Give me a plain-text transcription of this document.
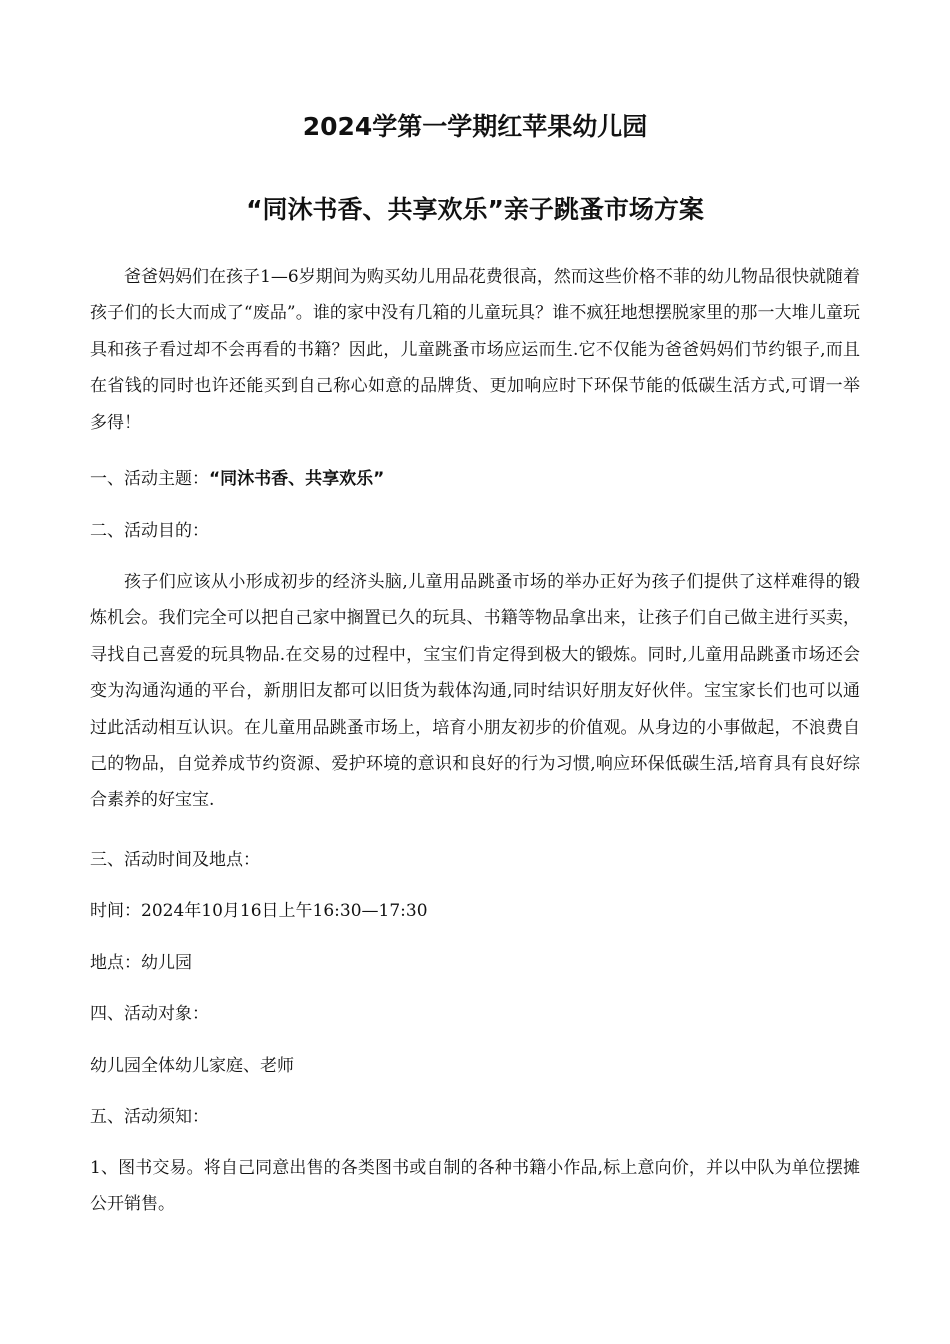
2024学第一学期红苹果幼儿园
“同沐书香、共享欢乐”亲子跳蚤市场方案

爸爸妈妈们在孩子1—6岁期间为购买幼儿用品花费很高，然而这些价格不菲的幼儿物品很快就随着孩子们的长大而成了“废品”。谁的家中没有几箱的儿童玩具？谁不疯狂地想摆脱家里的那一大堆儿童玩具和孩子看过却不会再看的书籍？因此，儿童跳蚤市场应运而生.它不仅能为爸爸妈妈们节约银子,而且在省钱的同时也许还能买到自己称心如意的品牌货、更加响应时下环保节能的低碳生活方式,可谓一举多得！

一、活动主题：“同沐书香、共享欢乐”

二、活动目的：

孩子们应该从小形成初步的经济头脑,儿童用品跳蚤市场的举办正好为孩子们提供了这样难得的锻炼机会。我们完全可以把自己家中搁置已久的玩具、书籍等物品拿出来，让孩子们自己做主进行买卖，寻找自己喜爱的玩具物品.在交易的过程中，宝宝们肯定得到极大的锻炼。同时,儿童用品跳蚤市场还会变为沟通沟通的平台，新朋旧友都可以旧货为载体沟通,同时结识好朋友好伙伴。宝宝家长们也可以通过此活动相互认识。在儿童用品跳蚤市场上，培育小朋友初步的价值观。从身边的小事做起，不浪费自己的物品，自觉养成节约资源、爱护环境的意识和良好的行为习惯,响应环保低碳生活,培育具有良好综合素养的好宝宝.

三、活动时间及地点：

时间：2024年10月16日上午16:30—17:30

地点：幼儿园

四、活动对象：

幼儿园全体幼儿家庭、老师

五、活动须知：

1、图书交易。将自己同意出售的各类图书或自制的各种书籍小作品,标上意向价，并以中队为单位摆摊公开销售。
